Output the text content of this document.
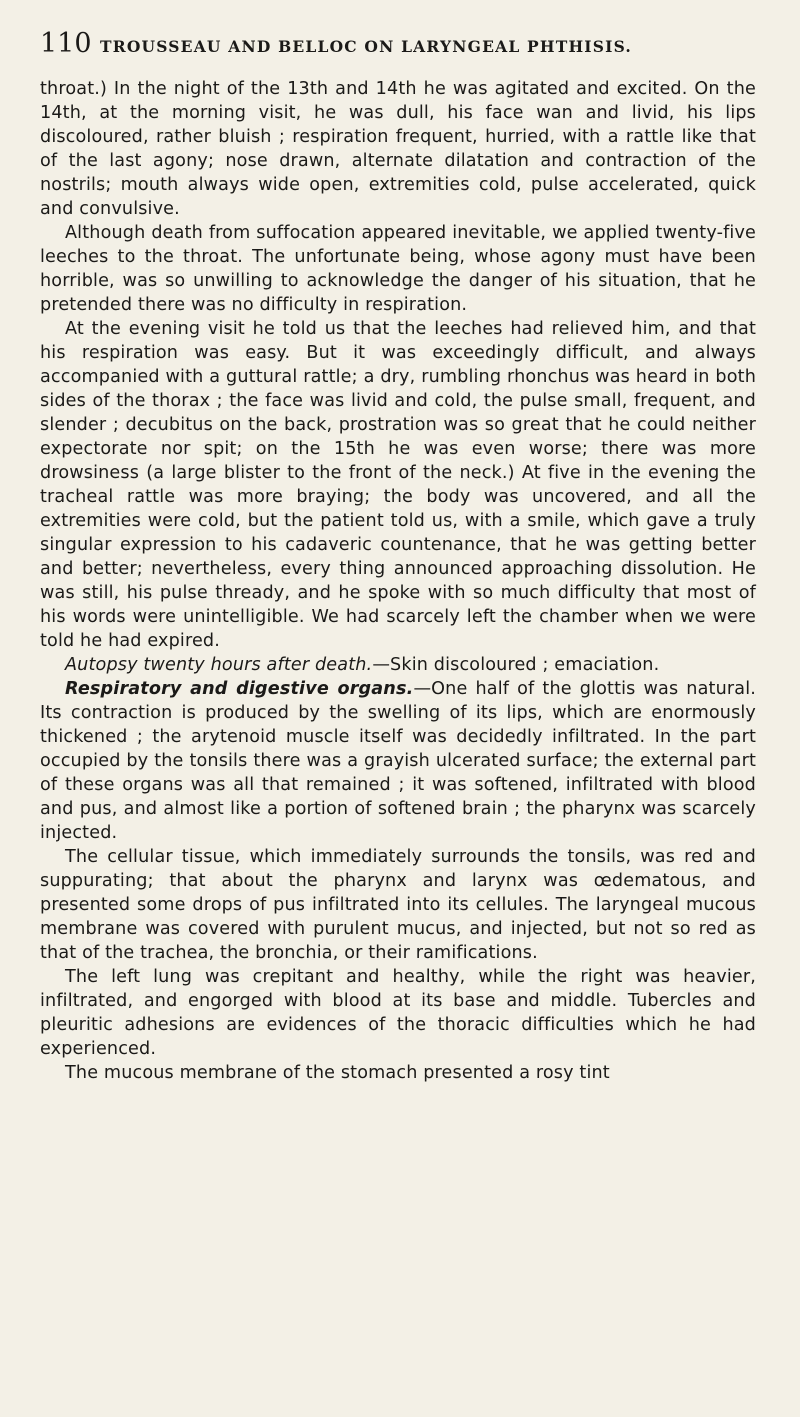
110 TROUSSEAU AND BELLOC ON LARYNGEAL PHTHISIS.

throat.) In the night of the 13th and 14th he was agitated and excited. On the 14th, at the morning visit, he was dull, his face wan and livid, his lips discoloured, rather bluish ; respiration frequent, hurried, with a rattle like that of the last agony; nose drawn, alternate dilatation and contraction of the nostrils; mouth always wide open, extremities cold, pulse accelerated, quick and convulsive.

Although death from suffocation appeared inevitable, we applied twenty-five leeches to the throat. The unfortunate being, whose agony must have been horrible, was so unwilling to acknowledge the danger of his situation, that he pretended there was no difficulty in respiration.

At the evening visit he told us that the leeches had relieved him, and that his respiration was easy. But it was exceedingly difficult, and always accompanied with a guttural rattle; a dry, rumbling rhonchus was heard in both sides of the thorax ; the face was livid and cold, the pulse small, frequent, and slender ; decubitus on the back, prostration was so great that he could neither expectorate nor spit; on the 15th he was even worse; there was more drowsiness (a large blister to the front of the neck.) At five in the evening the tracheal rattle was more braying; the body was uncovered, and all the extremities were cold, but the patient told us, with a smile, which gave a truly singular expression to his cadaveric countenance, that he was getting better and better; nevertheless, every thing announced approaching dissolution. He was still, his pulse thready, and he spoke with so much difficulty that most of his words were unintelligible. We had scarcely left the chamber when we were told he had expired.

Autopsy twenty hours after death.—Skin discoloured ; emaciation.

Respiratory and digestive organs.—One half of the glottis was natural. Its contraction is produced by the swelling of its lips, which are enormously thickened ; the arytenoid muscle itself was decidedly infiltrated. In the part occupied by the tonsils there was a grayish ulcerated surface; the external part of these organs was all that remained ; it was softened, infiltrated with blood and pus, and almost like a portion of softened brain ; the pharynx was scarcely injected.

The cellular tissue, which immediately surrounds the tonsils, was red and suppurating; that about the pharynx and larynx was œdematous, and presented some drops of pus infiltrated into its cellules. The laryngeal mucous membrane was covered with purulent mucus, and injected, but not so red as that of the trachea, the bronchia, or their ramifications.

The left lung was crepitant and healthy, while the right was heavier, infiltrated, and engorged with blood at its base and middle. Tubercles and pleuritic adhesions are evidences of the thoracic difficulties which he had experienced.

The mucous membrane of the stomach presented a rosy tint
